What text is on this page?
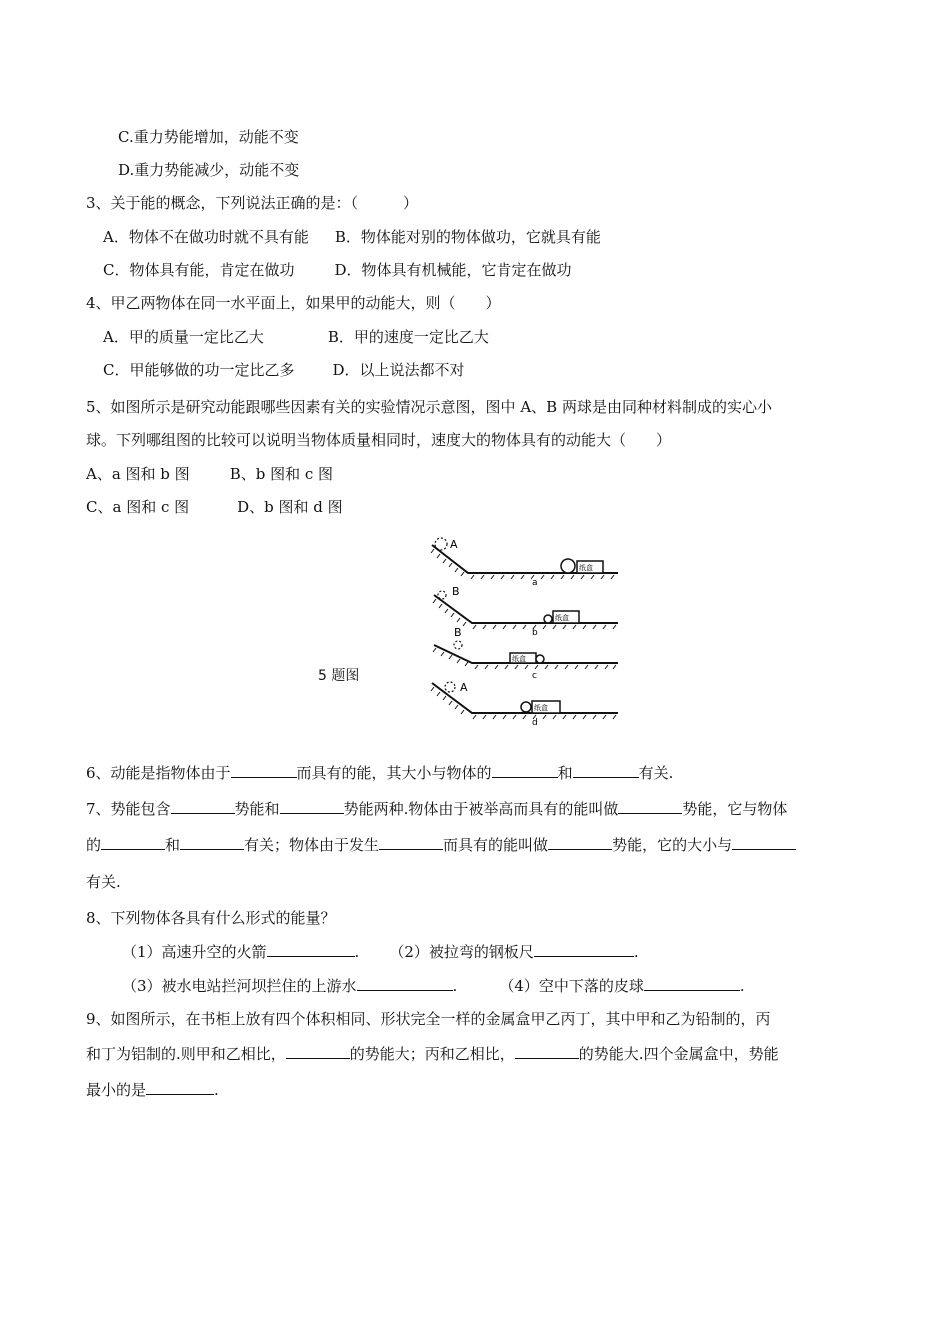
C.重力势能增加，动能不变
D.重力势能减少，动能不变
3、关于能的概念，下列说法正确的是：（　　　）
A．物体不在做功时就不具有能 B．物体能对别的物体做功，它就具有能
C．物体具有能，肯定在做功	D．物体具有机械能，它肯定在做功
4、甲乙两物体在同一水平面上，如果甲的动能大，则（　　）
A．甲的质量一定比乙大	B．甲的速度一定比乙大
C．甲能够做的功一定比乙多	D．以上说法都不对
5、如图所示是研究动能跟哪些因素有关的实验情况示意图，图中 A、B 两球是由同种材料制成的实心小
球。下列哪组图的比较可以说明当物体质量相同时，速度大的物体具有的动能大（　　）
A、a 图和 b 图	B、b 图和 c 图
C、a 图和 c 图	D、b 图和 d 图
5 题图
A
纸盒
a
B
纸盒
b
B
纸盒
c
A
纸盒
d
6、动能是指物体由于	而具有的能，其大小与物体的	和	有关.
7、势能包含	势能和	势能两种.物体由于被举高而具有的能叫做	势能，它与物体
的	和	有关；物体由于发生	而具有的能叫做	势能，它的大小与
有关.
8、下列物体各具有什么形式的能量？
（1）高速升空的火箭	. （2）被拉弯的钢板尺	.
（3）被水电站拦河坝拦住的上游水	.	（4）空中下落的皮球	.
9、如图所示，在书柜上放有四个体积相同、形状完全一样的金属盒甲乙丙丁，其中甲和乙为铅制的，丙
和丁为铝制的.则甲和乙相比，	的势能大；丙和乙相比，	的势能大.四个金属盒中，势能
最小的是	.
